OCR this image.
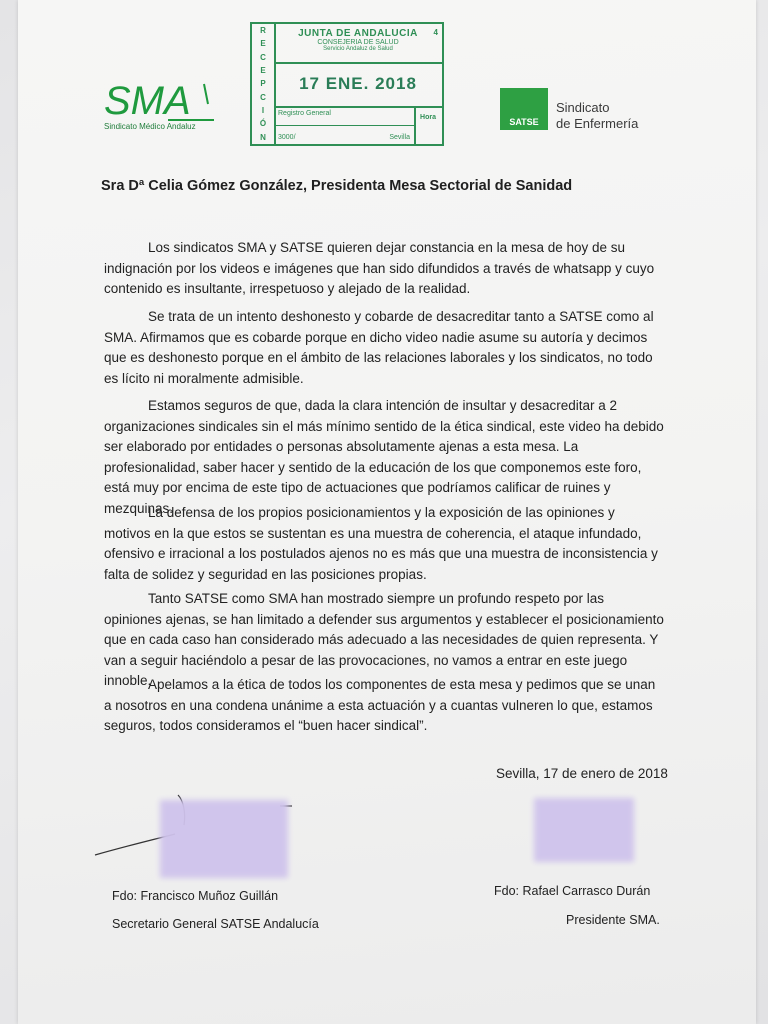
SMA
Sindicato Médico Andaluz
R
E
C
E
P
C
I
Ó
N
JUNTA DE ANDALUCIA
CONSEJERIA DE SALUD
Servicio Andaluz de Salud
4
17 ENE. 2018
Registro General
3000/	Sevilla
Hora	SATSE
Sindicato
de Enfermería
Sra Dª Celia Gómez González, Presidenta Mesa Sectorial de Sanidad
Los sindicatos SMA y SATSE quieren dejar constancia en la mesa de hoy de su indignación por los videos e imágenes que han sido difundidos a través de whatsapp y cuyo contenido es insultante, irrespetuoso y alejado de la realidad.
Se trata de un intento deshonesto y cobarde de desacreditar tanto a SATSE como al SMA. Afirmamos que es cobarde porque en dicho video nadie asume su autoría y decimos que es deshonesto porque en el ámbito de las relaciones laborales y los sindicatos, no todo es lícito ni moralmente admisible.
Estamos seguros de que, dada la clara intención de insultar y desacreditar a 2 organizaciones sindicales sin el más mínimo sentido de la ética sindical, este video ha debido ser elaborado por entidades o personas absolutamente ajenas a esta mesa. La profesionalidad, saber hacer y sentido de la educación de los que componemos este foro, está muy por encima de este tipo de actuaciones que podríamos calificar de ruines y mezquinas.
La defensa de los propios posicionamientos y la exposición de las opiniones y motivos en la que estos se sustentan es una muestra de coherencia, el ataque infundado, ofensivo e irracional a los postulados ajenos no es más que una muestra de inconsistencia y falta de solidez y seguridad en las posiciones propias.
Tanto SATSE como SMA han mostrado siempre un profundo respeto por las opiniones ajenas, se han limitado a defender sus argumentos y establecer el posicionamiento que en cada caso han considerado más adecuado a las necesidades de quien representa. Y van a seguir haciéndolo a pesar de las provocaciones, no vamos a entrar en este juego innoble.
Apelamos a la ética de todos los componentes de esta mesa y pedimos que se unan a nosotros en una condena unánime a esta actuación y a cuantas vulneren lo que, estamos seguros, todos consideramos el “buen hacer sindical”.
Sevilla, 17 de enero de 2018
Fdo: Francisco Muñoz Guillán
Secretario General SATSE Andalucía
Fdo: Rafael Carrasco Durán
Presidente SMA.
